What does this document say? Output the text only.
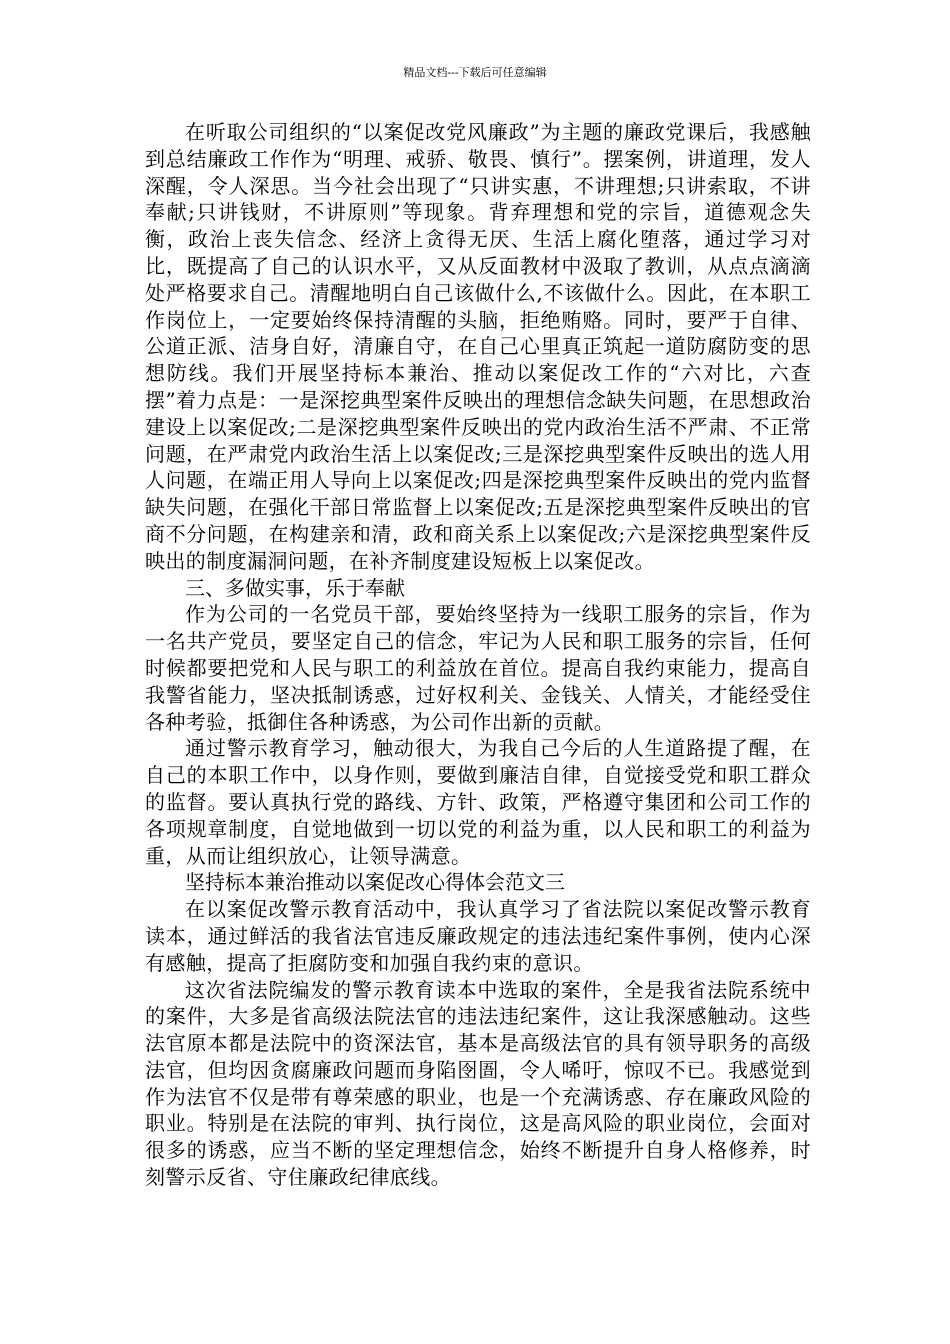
精品文档---下载后可任意编辑

在听取公司组织的“以案促改党风廉政”为主题的廉政党课后，我感触到总结廉政工作作为“明理、戒骄、敬畏、慎行”。摆案例，讲道理，发人深醒，令人深思。当今社会出现了“只讲实惠，不讲理想;只讲索取，不讲奉献;只讲钱财，不讲原则”等现象。背弃理想和党的宗旨，道德观念失衡，政治上丧失信念、经济上贪得无厌、生活上腐化堕落，通过学习对比，既提高了自己的认识水平，又从反面教材中汲取了教训，从点点滴滴处严格要求自己。清醒地明白自己该做什么,不该做什么。因此，在本职工作岗位上，一定要始终保持清醒的头脑，拒绝贿赂。同时，要严于自律、公道正派、洁身自好，清廉自守，在自己心里真正筑起一道防腐防变的思想防线。我们开展坚持标本兼治、推动以案促改工作的“六对比，六查摆”着力点是：一是深挖典型案件反映出的理想信念缺失问题，在思想政治建设上以案促改;二是深挖典型案件反映出的党内政治生活不严肃、不正常问题，在严肃党内政治生活上以案促改;三是深挖典型案件反映出的选人用人问题，在端正用人导向上以案促改;四是深挖典型案件反映出的党内监督缺失问题，在强化干部日常监督上以案促改;五是深挖典型案件反映出的官商不分问题，在构建亲和清，政和商关系上以案促改;六是深挖典型案件反映出的制度漏洞问题，在补齐制度建设短板上以案促改。

三、多做实事，乐于奉献

作为公司的一名党员干部，要始终坚持为一线职工服务的宗旨，作为一名共产党员，要坚定自己的信念，牢记为人民和职工服务的宗旨，任何时候都要把党和人民与职工的利益放在首位。提高自我约束能力，提高自我警省能力，坚决抵制诱惑，过好权利关、金钱关、人情关，才能经受住各种考验，抵御住各种诱惑，为公司作出新的贡献。

通过警示教育学习，触动很大，为我自己今后的人生道路提了醒，在自己的本职工作中，以身作则，要做到廉洁自律，自觉接受党和职工群众的监督。要认真执行党的路线、方针、政策，严格遵守集团和公司工作的各项规章制度，自觉地做到一切以党的利益为重，以人民和职工的利益为重，从而让组织放心，让领导满意。

坚持标本兼治推动以案促改心得体会范文三

在以案促改警示教育活动中，我认真学习了省法院以案促改警示教育读本，通过鲜活的我省法官违反廉政规定的违法违纪案件事例，使内心深有感触，提高了拒腐防变和加强自我约束的意识。

这次省法院编发的警示教育读本中选取的案件，全是我省法院系统中的案件，大多是省高级法院法官的违法违纪案件，这让我深感触动。这些法官原本都是法院中的资深法官，基本是高级法官的具有领导职务的高级法官，但均因贪腐廉政问题而身陷囹圄，令人唏吁，惊叹不已。我感觉到作为法官不仅是带有尊荣感的职业，也是一个充满诱惑、存在廉政风险的职业。特别是在法院的审判、执行岗位，这是高风险的职业岗位，会面对很多的诱惑，应当不断的坚定理想信念，始终不断提升自身人格修养，时刻警示反省、守住廉政纪律底线。
